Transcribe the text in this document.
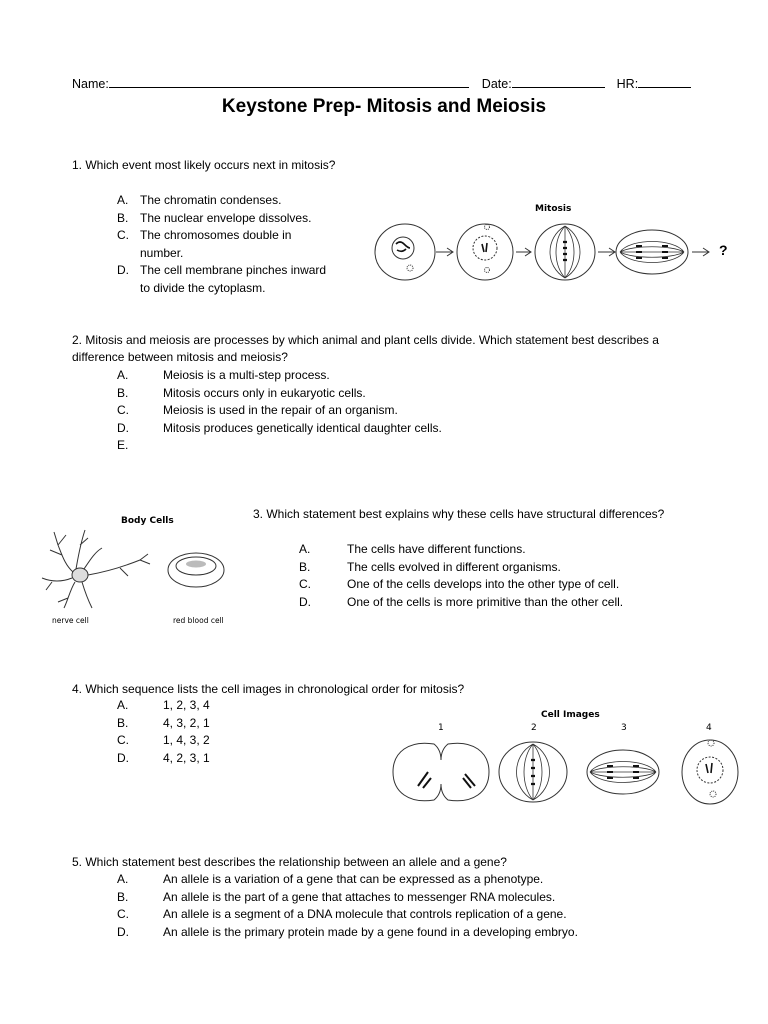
Name:	Date:	HR:
Keystone Prep- Mitosis and Meiosis
1. Which event most likely occurs next in mitosis?
A. The chromatin condenses.
B. The nuclear envelope dissolves.
C. The chromosomes double in
number.
D. The cell membrane pinches inward
to divide the cytoplasm.
Mitosis
?
2. Mitosis and meiosis are processes by which animal and plant cells divide. Which statement best describes a
difference between mitosis and meiosis?
A.	Meiosis is a multi-step process.
B.	Mitosis occurs only in eukaryotic cells.
C.	Meiosis is used in the repair of an organism.
D.	Mitosis produces genetically identical daughter cells.
E.
Body Cells
nerve cell	red blood cell
3. Which statement best explains why these cells have structural differences?
A.	The cells have different functions.
B.	The cells evolved in different organisms.
C.	One of the cells develops into the other type of cell.
D.	One of the cells is more primitive than the other cell.
4. Which sequence lists the cell images in chronological order for mitosis?
A.	1, 2, 3, 4
B.	4, 3, 2, 1
C.	1, 4, 3, 2
D.	4, 2, 3, 1
Cell Images
1	2	3	4
5. Which statement best describes the relationship between an allele and a gene?
A.	An allele is a variation of a gene that can be expressed as a phenotype.
B.	An allele is the part of a gene that attaches to messenger RNA molecules.
C.	An allele is a segment of a DNA molecule that controls replication of a gene.
D.	An allele is the primary protein made by a gene found in a developing embryo.
